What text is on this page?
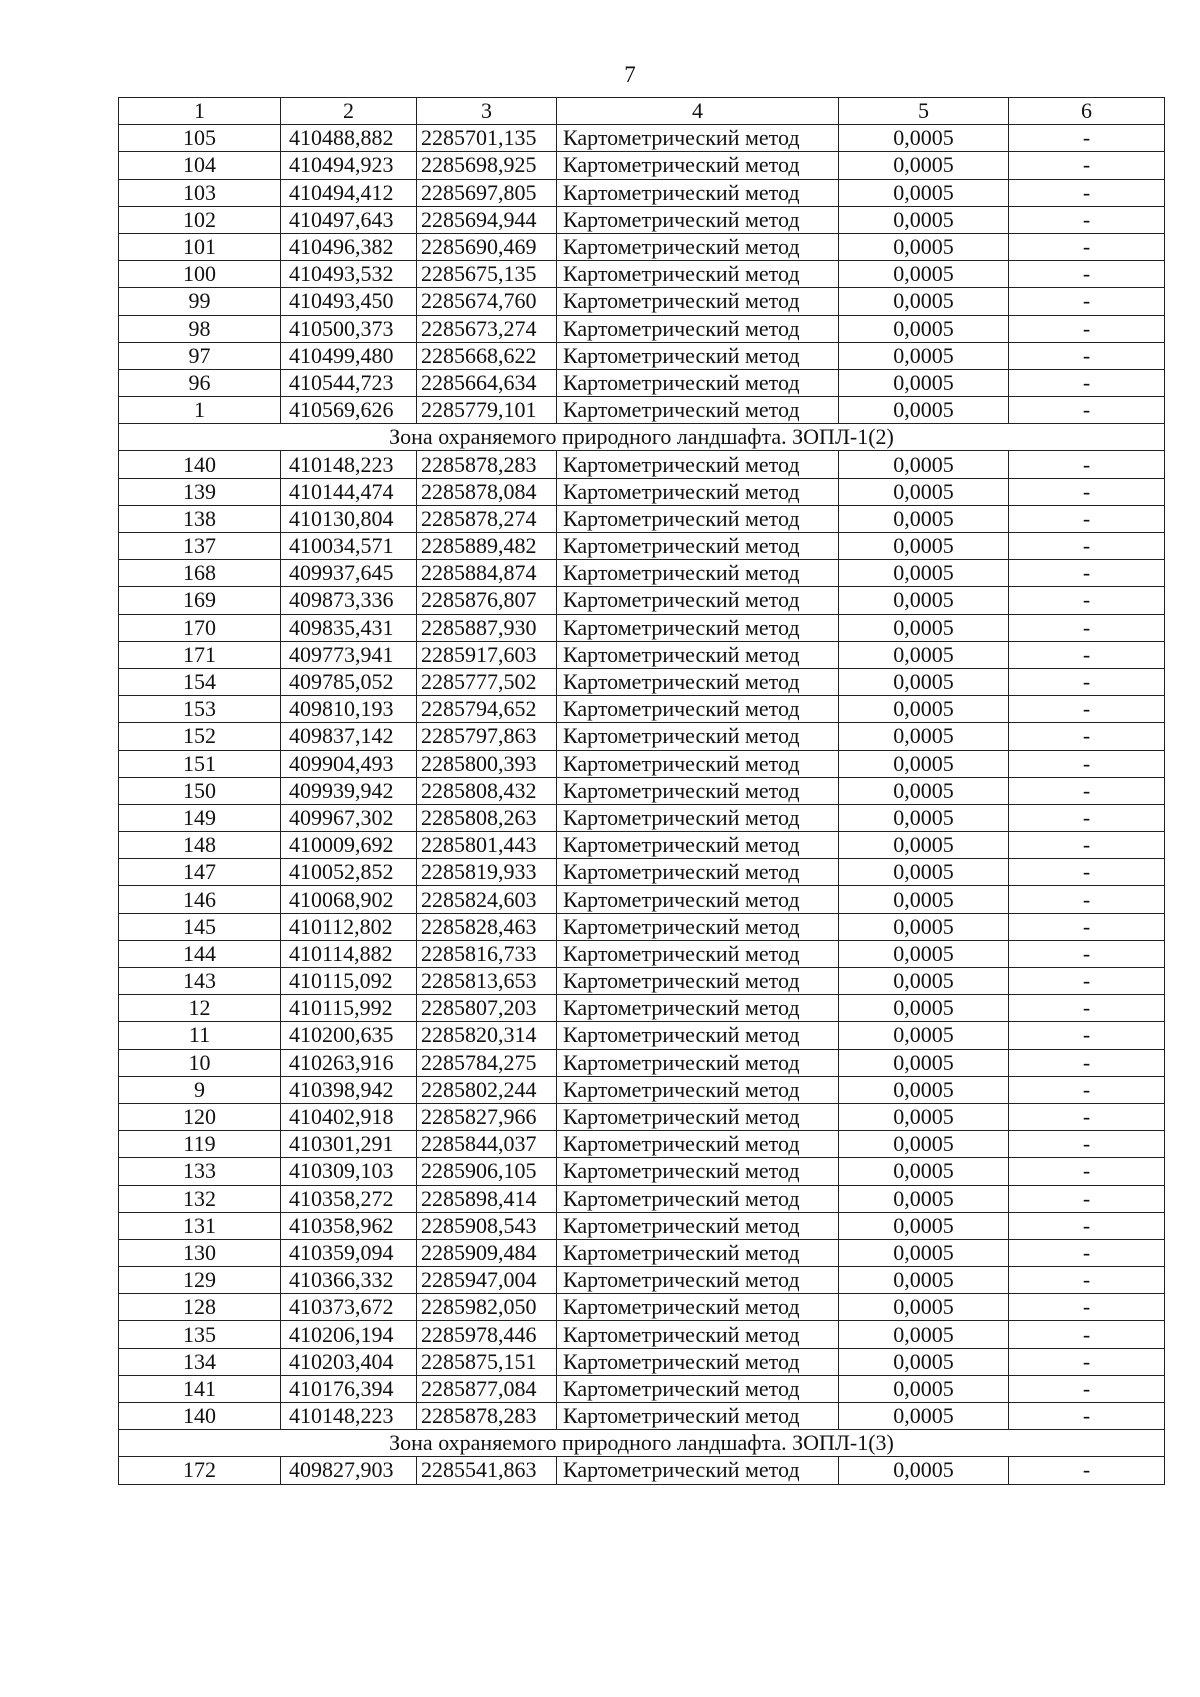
7
1	2	3	4	5	6
105	410488,882	2285701,135	Картометрический метод	0,0005	-
104	410494,923	2285698,925	Картометрический метод	0,0005	-
103	410494,412	2285697,805	Картометрический метод	0,0005	-
102	410497,643	2285694,944	Картометрический метод	0,0005	-
101	410496,382	2285690,469	Картометрический метод	0,0005	-
100	410493,532	2285675,135	Картометрический метод	0,0005	-
99	410493,450	2285674,760	Картометрический метод	0,0005	-
98	410500,373	2285673,274	Картометрический метод	0,0005	-
97	410499,480	2285668,622	Картометрический метод	0,0005	-
96	410544,723	2285664,634	Картометрический метод	0,0005	-
1	410569,626	2285779,101	Картометрический метод	0,0005	-
Зона охраняемого природного ландшафта. ЗОПЛ-1(2)					
140	410148,223	2285878,283	Картометрический метод	0,0005	-
139	410144,474	2285878,084	Картометрический метод	0,0005	-
138	410130,804	2285878,274	Картометрический метод	0,0005	-
137	410034,571	2285889,482	Картометрический метод	0,0005	-
168	409937,645	2285884,874	Картометрический метод	0,0005	-
169	409873,336	2285876,807	Картометрический метод	0,0005	-
170	409835,431	2285887,930	Картометрический метод	0,0005	-
171	409773,941	2285917,603	Картометрический метод	0,0005	-
154	409785,052	2285777,502	Картометрический метод	0,0005	-
153	409810,193	2285794,652	Картометрический метод	0,0005	-
152	409837,142	2285797,863	Картометрический метод	0,0005	-
151	409904,493	2285800,393	Картометрический метод	0,0005	-
150	409939,942	2285808,432	Картометрический метод	0,0005	-
149	409967,302	2285808,263	Картометрический метод	0,0005	-
148	410009,692	2285801,443	Картометрический метод	0,0005	-
147	410052,852	2285819,933	Картометрический метод	0,0005	-
146	410068,902	2285824,603	Картометрический метод	0,0005	-
145	410112,802	2285828,463	Картометрический метод	0,0005	-
144	410114,882	2285816,733	Картометрический метод	0,0005	-
143	410115,092	2285813,653	Картометрический метод	0,0005	-
12	410115,992	2285807,203	Картометрический метод	0,0005	-
11	410200,635	2285820,314	Картометрический метод	0,0005	-
10	410263,916	2285784,275	Картометрический метод	0,0005	-
9	410398,942	2285802,244	Картометрический метод	0,0005	-
120	410402,918	2285827,966	Картометрический метод	0,0005	-
119	410301,291	2285844,037	Картометрический метод	0,0005	-
133	410309,103	2285906,105	Картометрический метод	0,0005	-
132	410358,272	2285898,414	Картометрический метод	0,0005	-
131	410358,962	2285908,543	Картометрический метод	0,0005	-
130	410359,094	2285909,484	Картометрический метод	0,0005	-
129	410366,332	2285947,004	Картометрический метод	0,0005	-
128	410373,672	2285982,050	Картометрический метод	0,0005	-
135	410206,194	2285978,446	Картометрический метод	0,0005	-
134	410203,404	2285875,151	Картометрический метод	0,0005	-
141	410176,394	2285877,084	Картометрический метод	0,0005	-
140	410148,223	2285878,283	Картометрический метод	0,0005	-
Зона охраняемого природного ландшафта. ЗОПЛ-1(3)					
172	409827,903	2285541,863	Картометрический метод	0,0005	-
